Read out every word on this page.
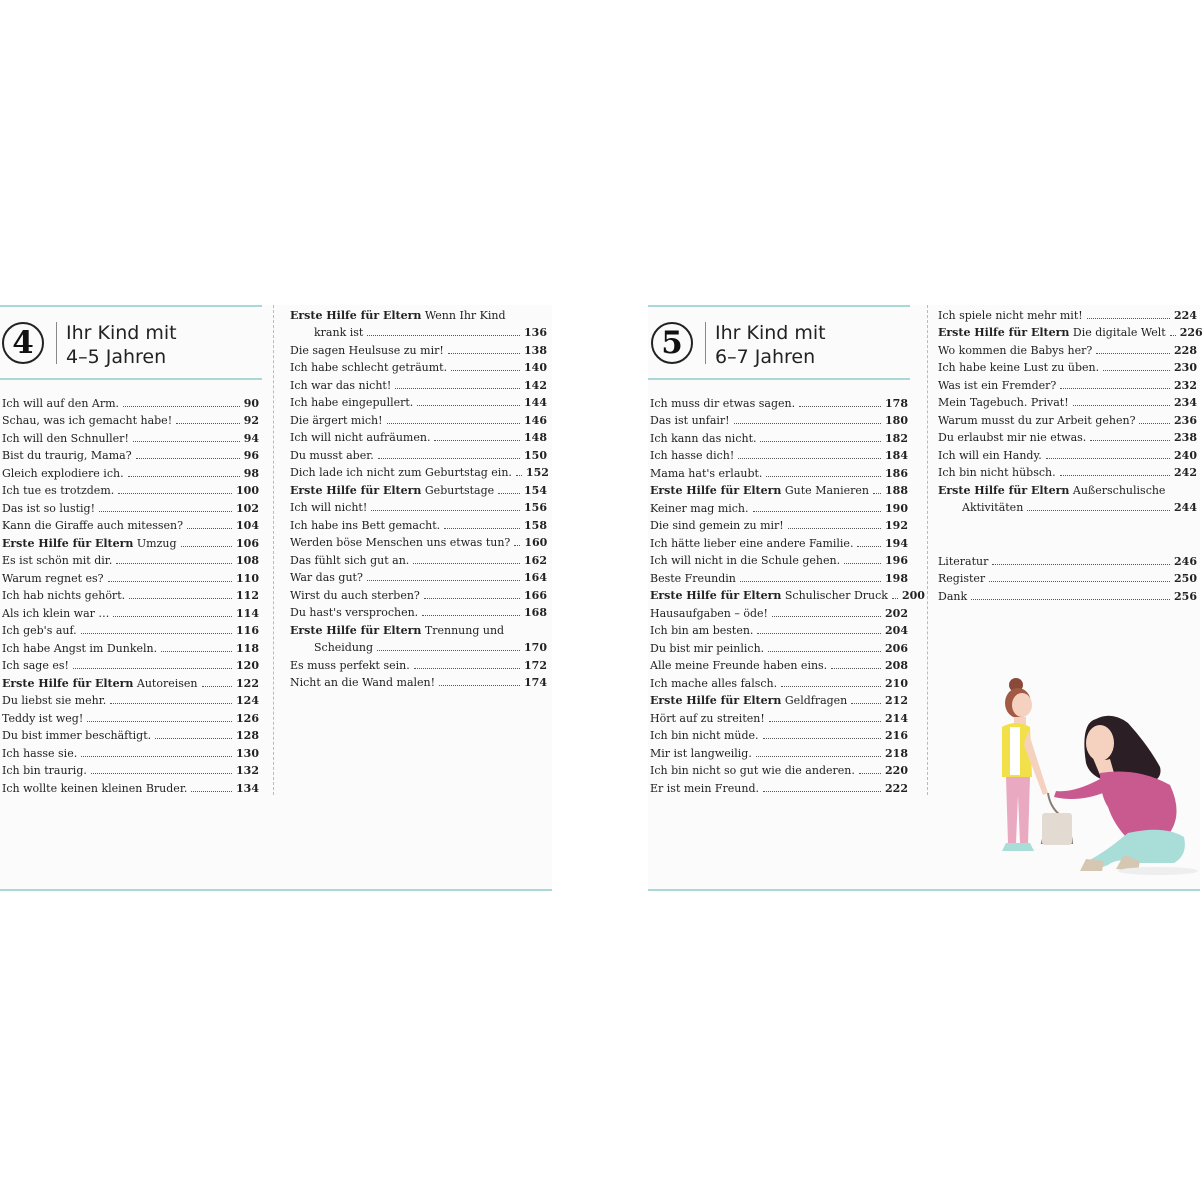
4	Ihr Kind mit
4–5 Jahren
Ich will auf den Arm.	90
Schau, was ich gemacht habe!	92
Ich will den Schnuller!	94
Bist du traurig, Mama?	96
Gleich explodiere ich.	98
Ich tue es trotzdem.	100
Das ist so lustig!	102
Kann die Giraffe auch mitessen?	104
Erste Hilfe für Eltern Umzug	106
Es ist schön mit dir.	108
Warum regnet es?	110
Ich hab nichts gehört.	112
Als ich klein war …	114
Ich geb's auf.	116
Ich habe Angst im Dunkeln.	118
Ich sage es!	120
Erste Hilfe für Eltern Autoreisen	122
Du liebst sie mehr.	124
Teddy ist weg!	126
Du bist immer beschäftigt.	128
Ich hasse sie.	130
Ich bin traurig.	132
Ich wollte keinen kleinen Bruder.	134
Erste Hilfe für Eltern Wenn Ihr Kind
krank ist	136
Die sagen Heulsuse zu mir!	138
Ich habe schlecht geträumt.	140
Ich war das nicht!	142
Ich habe eingepullert.	144
Die ärgert mich!	146
Ich will nicht aufräumen.	148
Du musst aber.	150
Dich lade ich nicht zum Geburtstag ein. 152
Erste Hilfe für Eltern Geburtstage	154
Ich will nicht!	156
Ich habe ins Bett gemacht.	158
Werden böse Menschen uns etwas tun? 160
Das fühlt sich gut an.	162
War das gut?	164
Wirst du auch sterben?	166
Du hast's versprochen.	168
Erste Hilfe für Eltern Trennung und
Scheidung	170
Es muss perfekt sein.	172
Nicht an die Wand malen!	174
5	Ihr Kind mit
6–7 Jahren
Ich muss dir etwas sagen.	178
Das ist unfair!	180
Ich kann das nicht.	182
Ich hasse dich!	184
Mama hat's erlaubt.	186
Erste Hilfe für Eltern Gute Manieren 188
Keiner mag mich.	190
Die sind gemein zu mir!	192
Ich hätte lieber eine andere Familie.	194
Ich will nicht in die Schule gehen.	196
Beste Freundin	198
Erste Hilfe für Eltern Schulischer Druck 200
Hausaufgaben – öde!	202
Ich bin am besten.	204
Du bist mir peinlich.	206
Alle meine Freunde haben eins.	208
Ich mache alles falsch.	210
Erste Hilfe für Eltern Geldfragen	212
Hört auf zu streiten!	214
Ich bin nicht müde.	216
Mir ist langweilig.	218
Ich bin nicht so gut wie die anderen.	220
Er ist mein Freund.	222
Ich spiele nicht mehr mit!	224
Erste Hilfe für Eltern Die digitale Welt 226
Wo kommen die Babys her?	228
Ich habe keine Lust zu üben.	230
Was ist ein Fremder?	232
Mein Tagebuch. Privat!	234
Warum musst du zur Arbeit gehen?	236
Du erlaubst mir nie etwas.	238
Ich will ein Handy.	240
Ich bin nicht hübsch.	242
Erste Hilfe für Eltern Außerschulische
Aktivitäten	244
Literatur	246
Register	250
Dank	256
